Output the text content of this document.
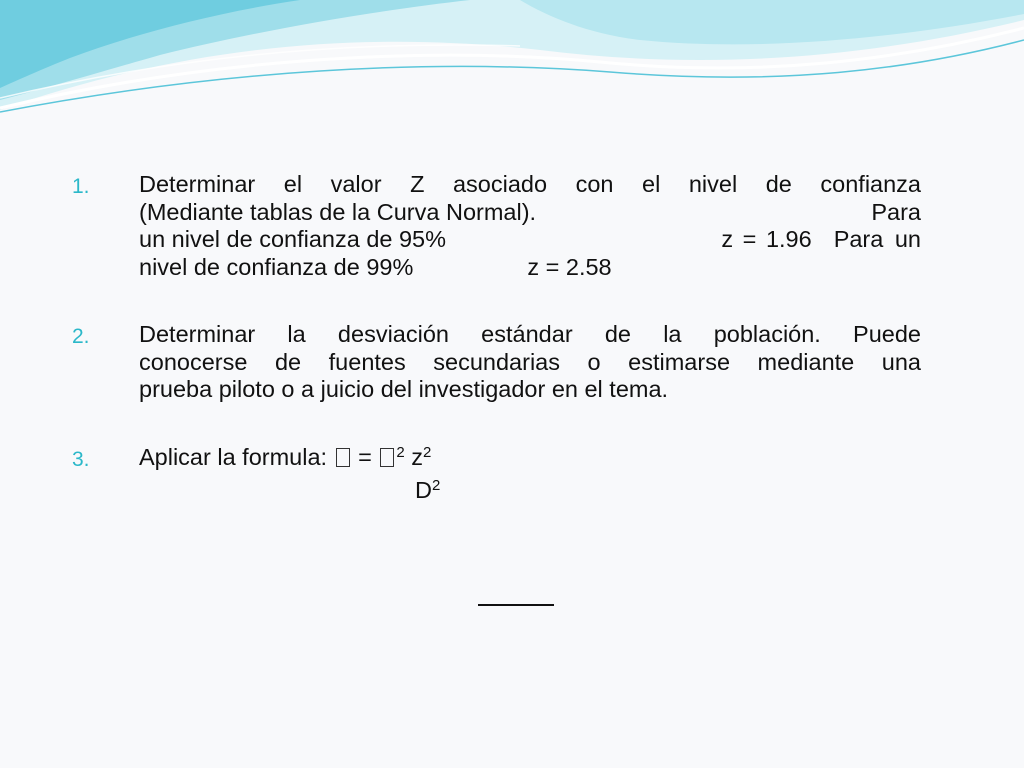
1. Determinar el valor Z asociado con el nivel de confianza
(Mediante tablas de la Curva Normal).	Para
un nivel de confianza de 95%	z = 1.96 Para un
nivel de confianza de 99%	z = 2.58
2. Determinar la desviación estándar de la población. Puede
conocerse de fuentes secundarias o estimarse mediante una
prueba piloto o a juicio del investigador en el tema.
3. Aplicar la formula:  = $^2$ $z^2$
$D^2$
